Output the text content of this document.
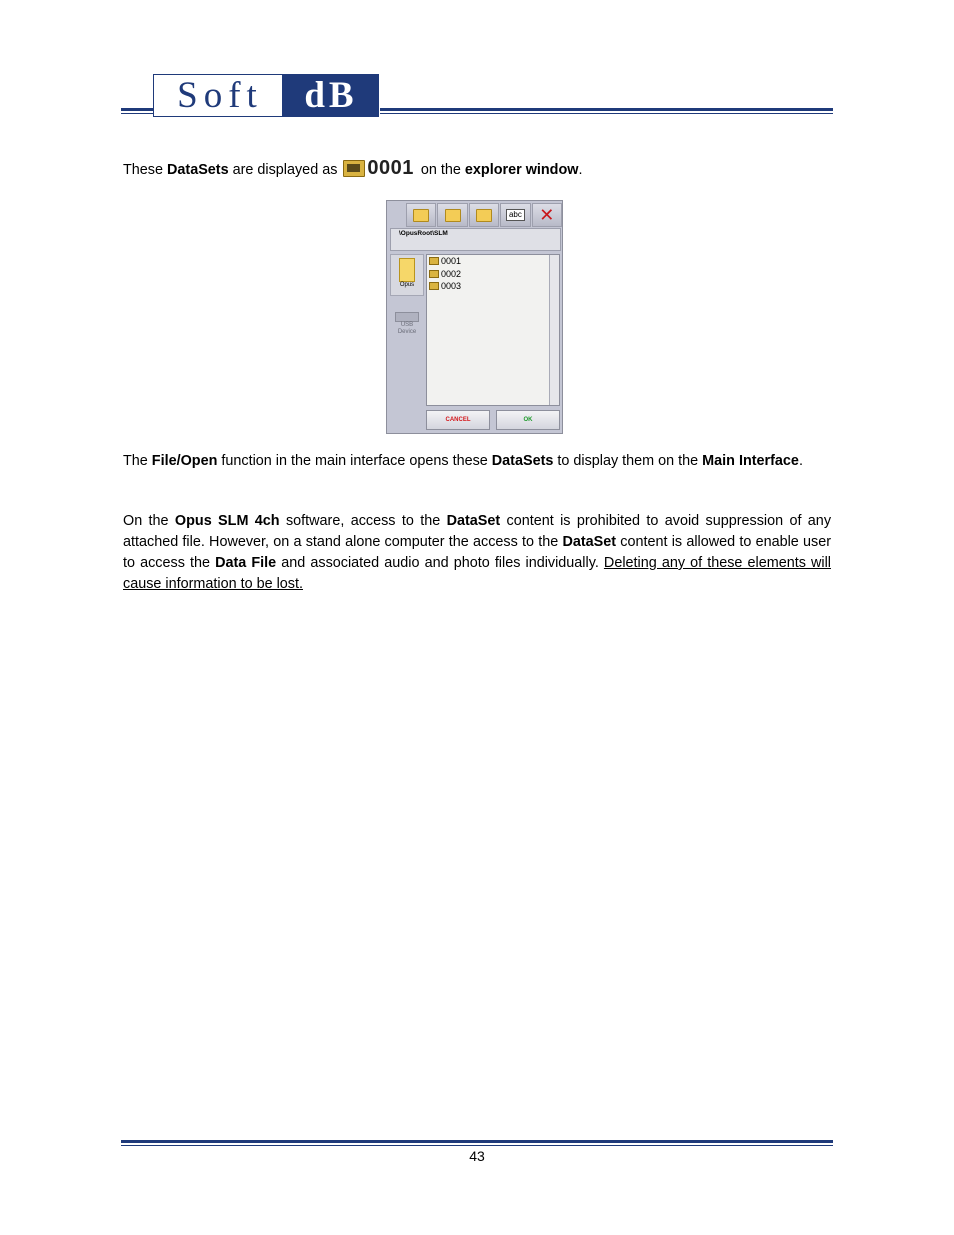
Soft	dB
These DataSets are displayed as 0001 on the explorer window.
abc ✕
\OpusRoot\SLM
Opus
USB Device
0001
0002
0003
CANCEL	OK
The File/Open function in the main interface opens these DataSets to display them on the Main Interface.
On the Opus SLM 4ch software, access to the DataSet content is prohibited to avoid suppression of any attached file. However, on a stand alone computer the access to the DataSet content is allowed to enable user to access the Data File and associated audio and photo files individually. Deleting any of these elements will cause information to be lost.
43
